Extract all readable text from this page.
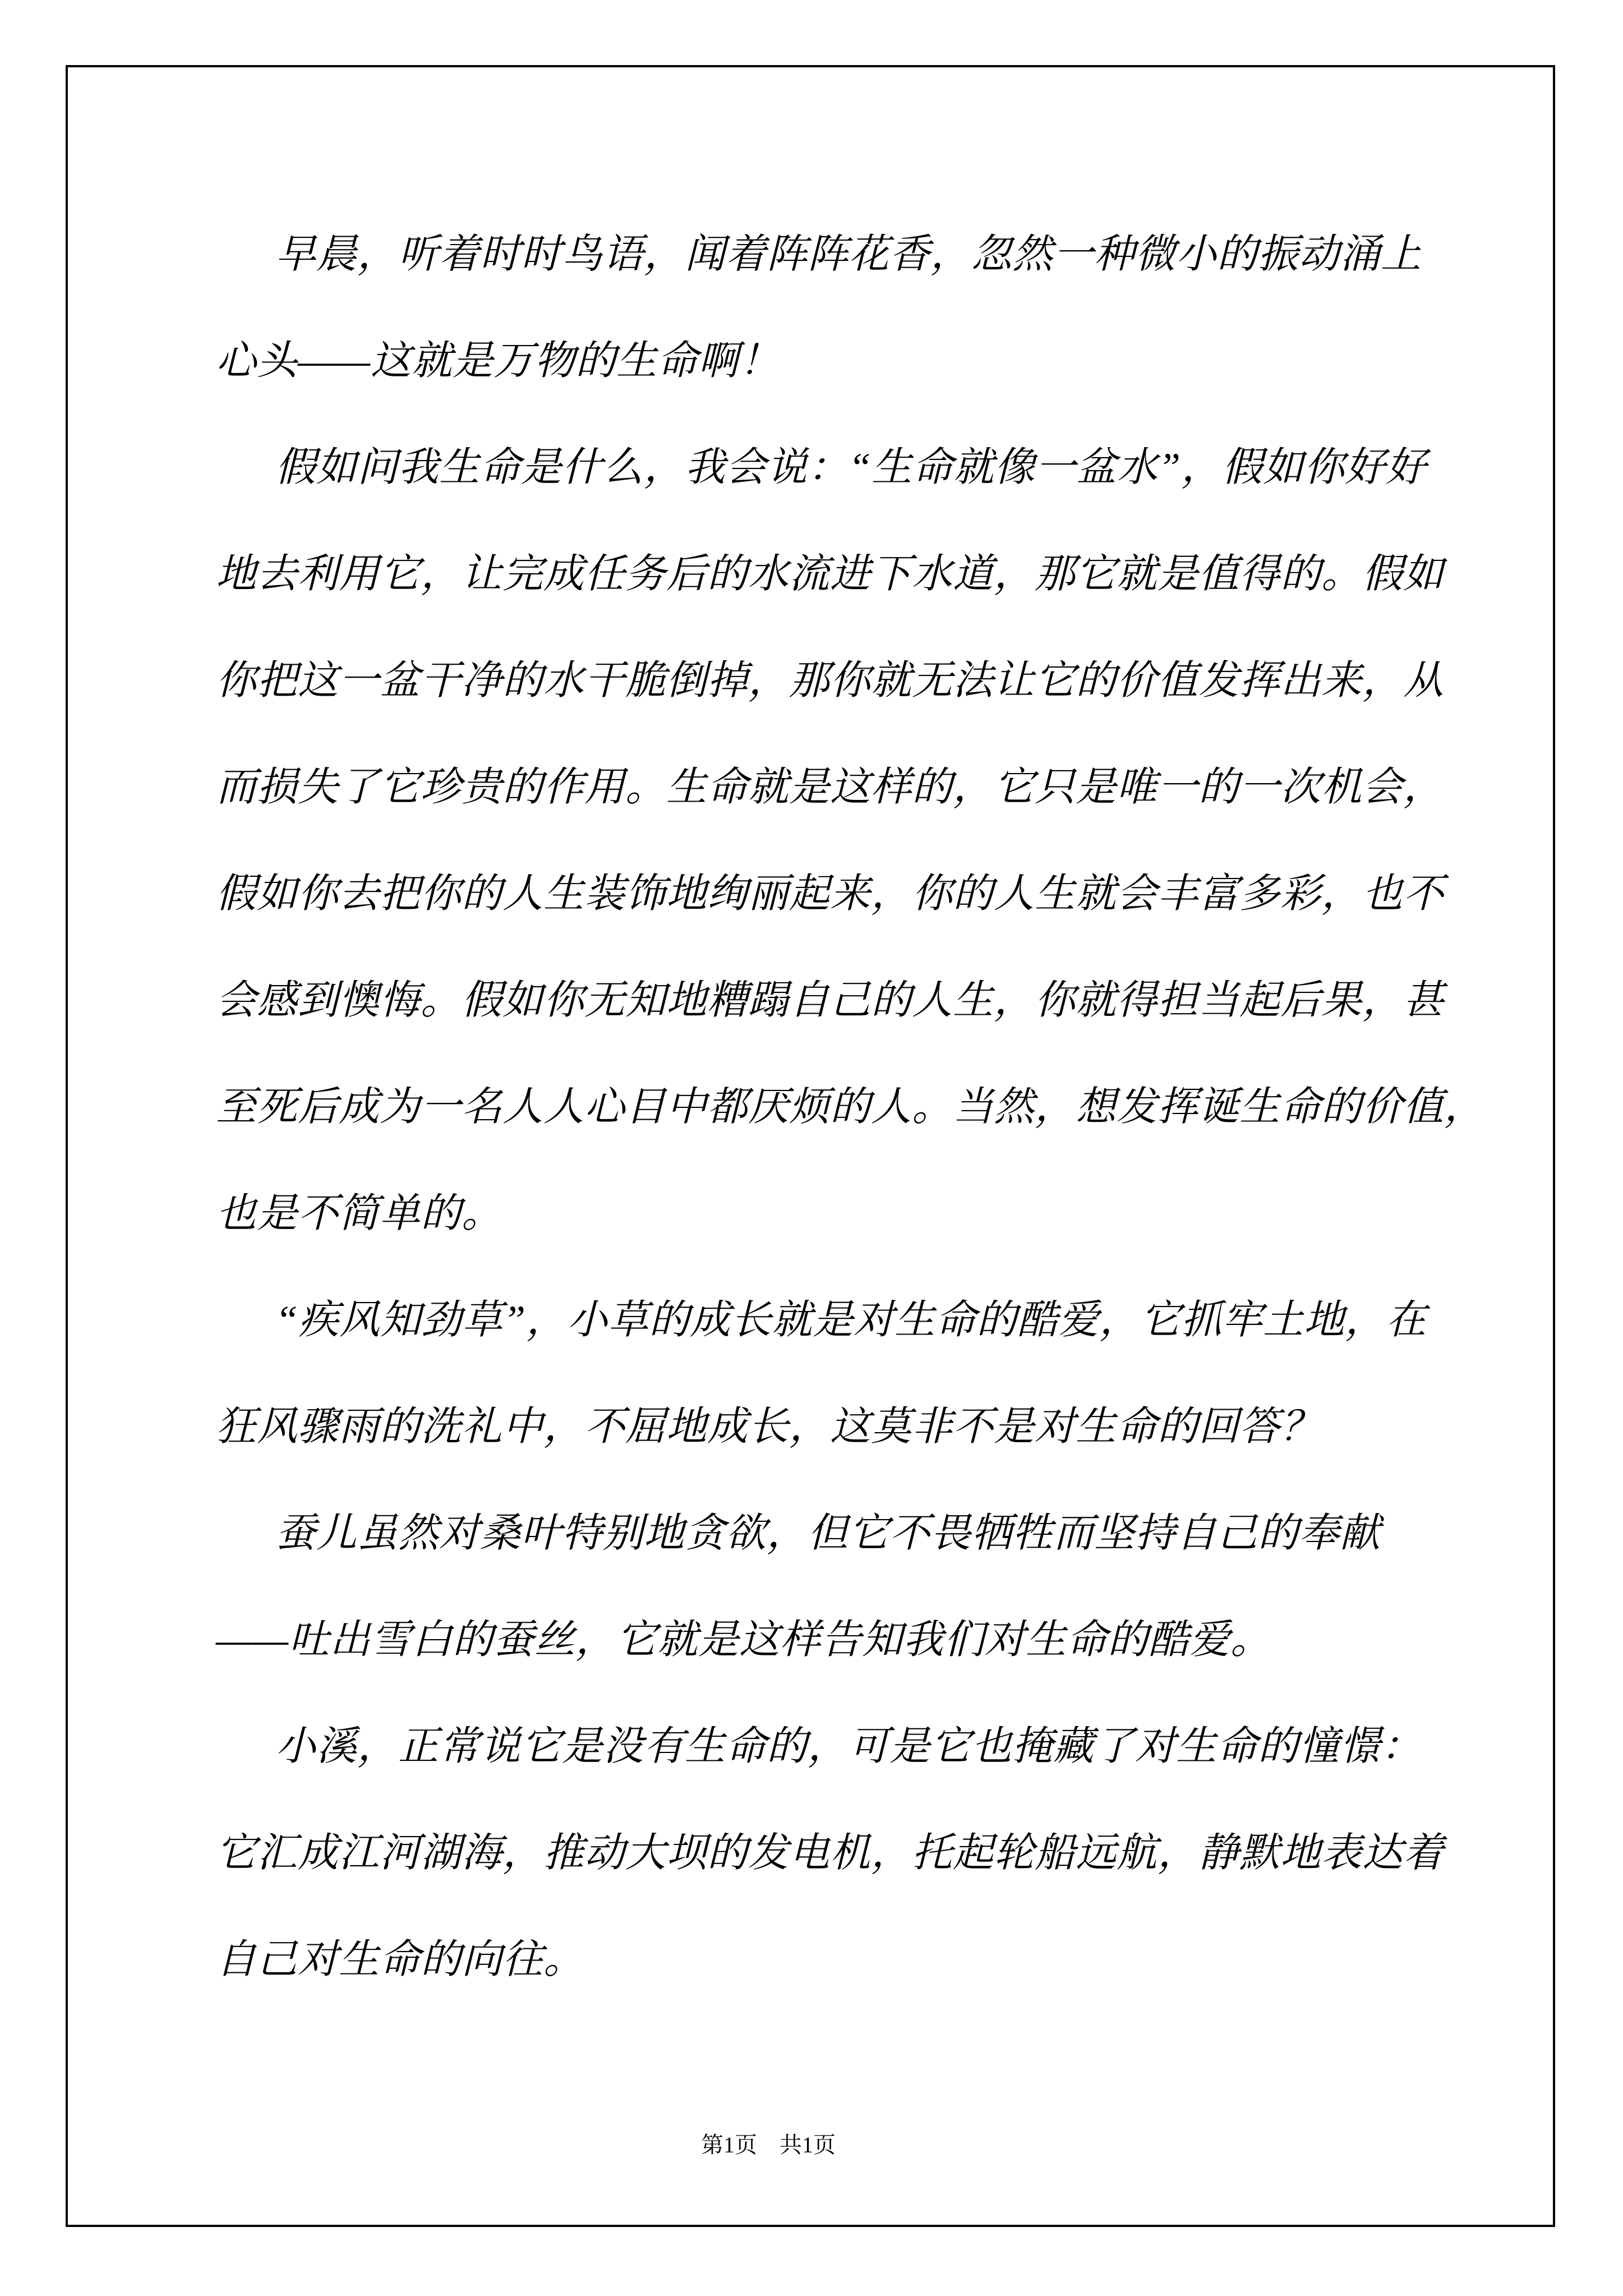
早晨，听着时时鸟语，闻着阵阵花香，忽然一种微小的振动涌上
心头——这就是万物的生命啊！
假如问我生命是什么，我会说：“生命就像一盆水”，假如你好好
地去利用它，让完成任务后的水流进下水道，那它就是值得的。假如
你把这一盆干净的水干脆倒掉，那你就无法让它的价值发挥出来，从
而损失了它珍贵的作用。生命就是这样的，它只是唯一的一次机会，
假如你去把你的人生装饰地绚丽起来，你的人生就会丰富多彩，也不
会感到懊悔。假如你无知地糟蹋自己的人生，你就得担当起后果，甚
至死后成为一名人人心目中都厌烦的人。当然，想发挥诞生命的价值，
也是不简单的。
“疾风知劲草”，小草的成长就是对生命的酷爱，它抓牢土地，在
狂风骤雨的洗礼中，不屈地成长，这莫非不是对生命的回答？
蚕儿虽然对桑叶特别地贪欲，但它不畏牺牲而坚持自己的奉献
——吐出雪白的蚕丝，它就是这样告知我们对生命的酷爱。
小溪，正常说它是没有生命的，可是它也掩藏了对生命的憧憬：
它汇成江河湖海，推动大坝的发电机，托起轮船远航，静默地表达着
自己对生命的向往。
第1页 共1页
